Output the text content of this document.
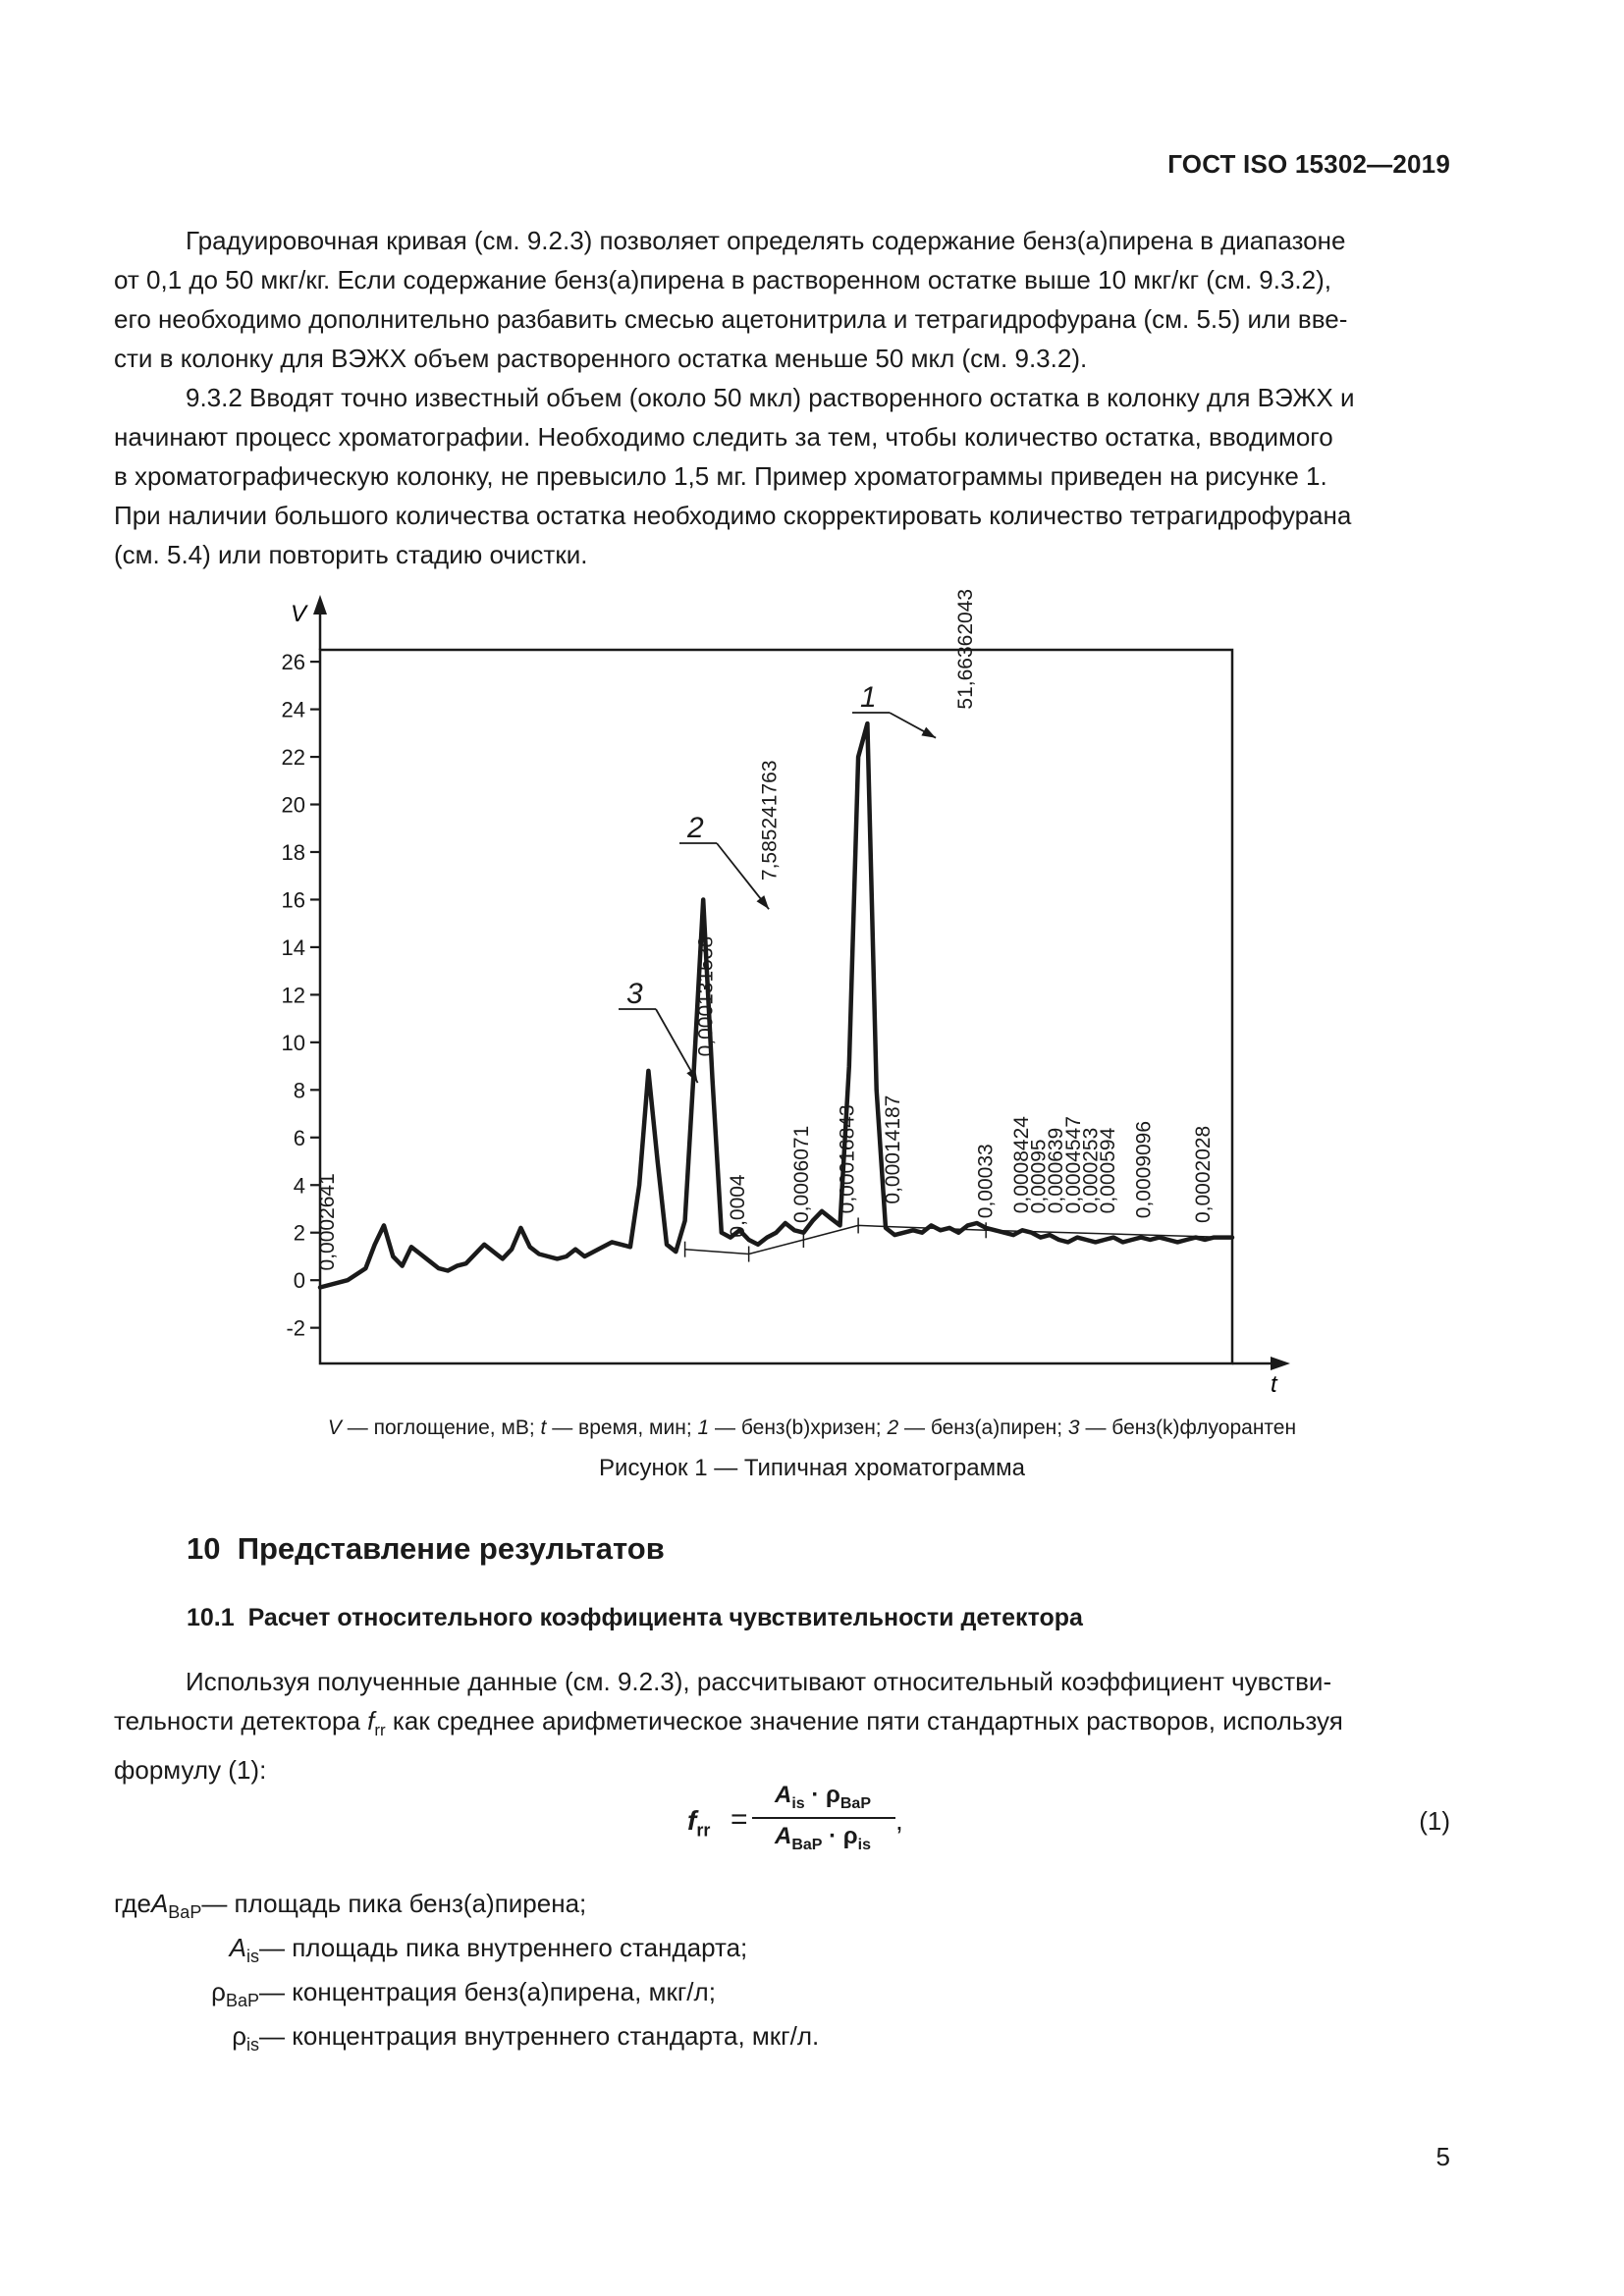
ГОСТ ISO 15302—2019

Градуировочная кривая (см. 9.2.3) позволяет определять содержание бенз(а)пирена в диапазоне
от 0,1 до 50 мкг/кг. Если содержание бенз(а)пирена в растворенном остатке выше 10 мкг/кг (см. 9.3.2),
его необходимо дополнительно разбавить смесью ацетонитрила и тетрагидрофурана (см. 5.5) или вве-
сти в колонку для ВЭЖХ объем растворенного остатка меньше 50 мкл (см. 9.3.2).

9.3.2 Вводят точно известный объем (около 50 мкл) растворенного остатка в колонку для ВЭЖХ и
начинают процесс хроматографии. Необходимо следить за тем, чтобы количество остатка, вводимого
в хроматографическую колонку, не превысило 1,5 мг. Пример хроматограммы приведен на рисунке 1.
При наличии большого количества остатка необходимо скорректировать количество тетрагидрофурана
(см. 5.4) или повторить стадию очистки.

V
t
26
24
22
20
18
16
14
12
10
8
6
4
2
0
-2
0,0002641
0,000131538
0,0004
7,585241763
0,0006071 0,00016843 0,00014187
51,66362043
0,00033 0,0008424
0,00095
0,000639
0,0004547
0,000253
0,000594 0,0009096 0,0002028
1
2
3
V — поглощение, мВ; t — время, мин; 1 — бенз(b)хризен; 2 — бенз(а)пирен; 3 — бенз(k)флуорантен
Рисунок 1 — Типичная хроматограмма
10 Представление результатов
10.1 Расчет относительного коэффициента чувствительности детектора

Используя полученные данные (см. 9.2.3), рассчитывают относительный коэффициент чувстви-
тельности детектора $f_{rr}$ как среднее арифметическое значение пяти стандартных растворов, используя
формулу (1):

$f_{rr}$ =
$A_{is} \cdot \rho_{BaP}$
$A_{BaP} \cdot \rho_{is}$
,	(1)
где $A_{BaP}$ — площадь пика бенз(а)пирена;
$A_{is}$ — площадь пика внутреннего стандарта;
$\rho_{BaP}$ — концентрация бенз(а)пирена, мкг/л;
$\rho_{is}$ — концентрация внутреннего стандарта, мкг/л.
5
